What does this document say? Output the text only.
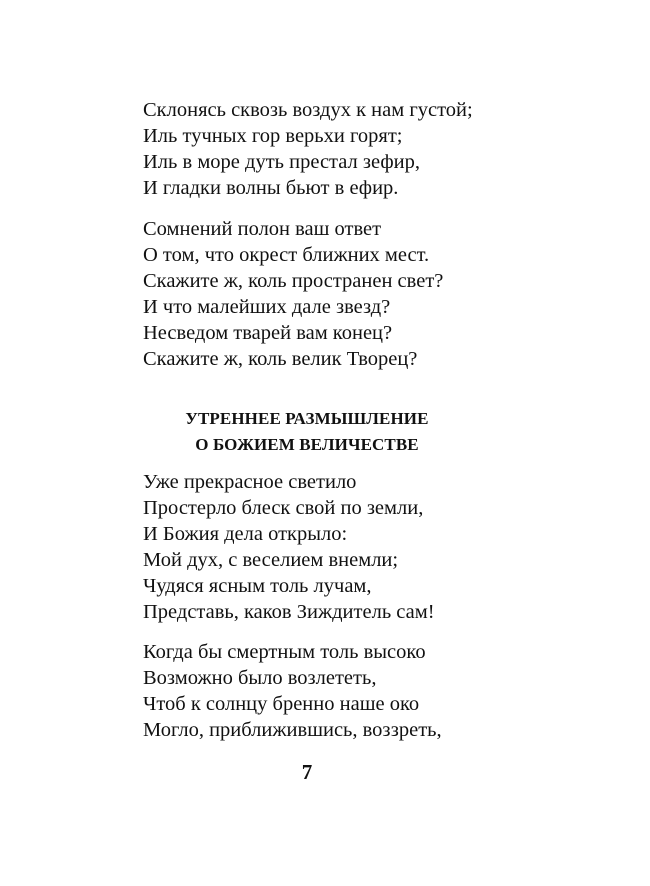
Склонясь сквозь воздух к нам густой;
Иль тучных гор верьхи горят;
Иль в море дуть престал зефир,
И гладки волны бьют в ефир.
Сомнений полон ваш ответ
О том, что окрест ближних мест.
Скажите ж, коль пространен свет?
И что малейших дале звезд?
Несведом тварей вам конец?
Скажите ж, коль велик Творец?
УТРЕННЕЕ РАЗМЫШЛЕНИЕ
О БОЖИЕМ ВЕЛИЧЕСТВЕ
Уже прекрасное светило
Простерло блеск свой по земли,
И Божия дела открыло:
Мой дух, с веселием внемли;
Чудяся ясным толь лучам,
Представь, каков Зиждитель сам!
Когда бы смертным толь высоко
Возможно было возлететь,
Чтоб к солнцу бренно наше око
Могло, приближившись, воззреть,
7
